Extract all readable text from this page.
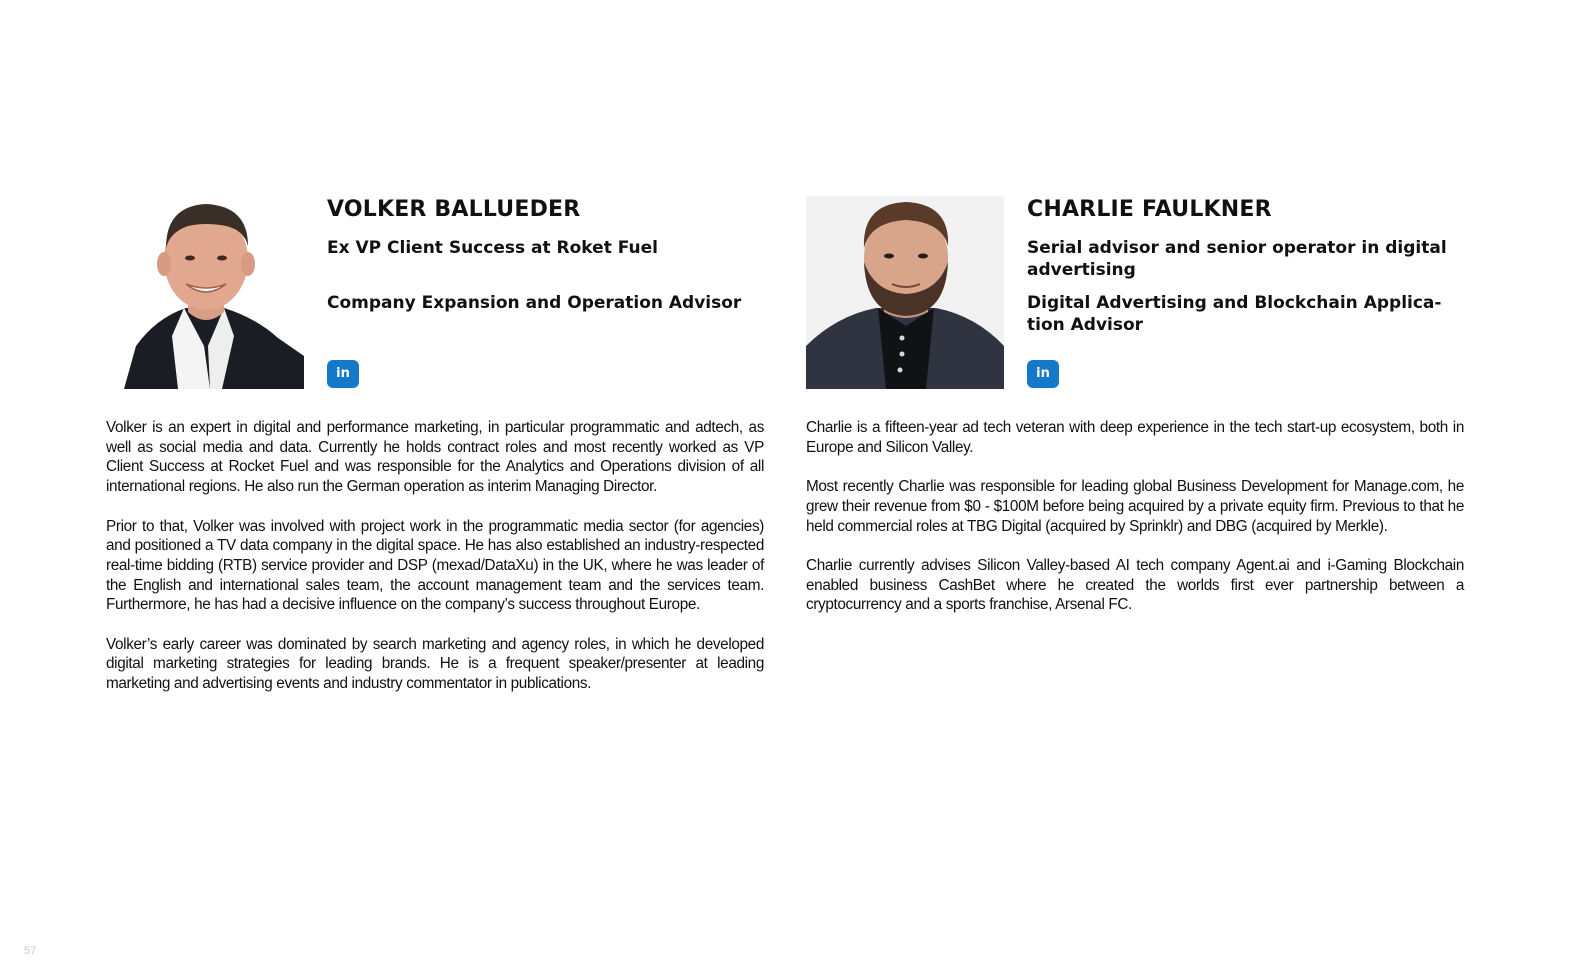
VOLKER BALLUEDER

Ex VP Client Success at Roket Fuel

Company Expansion and Operation Advisor

in

Volker is an expert in digital and performance marketing, in particular programmatic and adtech, as well as social media and data. Currently he holds contract roles and most recently worked as VP Client Success at Rocket Fuel and was responsible for the Analytics and Operations division of all international regions. He also run the German operation as interim Managing Director.

Prior to that, Volker was involved with project work in the programmatic media sector (for agencies) and positioned a TV data company in the digital space. He has also established an industry-respected real-time bidding (RTB) service provider and DSP (mexad/DataXu) in the UK, where he was leader of the English and international sales team, the account management team and the services team. Furthermore, he has had a decisive influence on the company’s success throughout Europe.

Volker’s early career was dominated by search marketing and agency roles, in which he developed digital marketing strategies for leading brands. He is a frequent speaker/presenter at leading marketing and advertising events and industry commentator in publications.

CHARLIE FAULKNER

Serial advisor and senior operator in digital advertising

Digital Advertising and Blockchain Applica-tion Advisor

in

Charlie is a fifteen-year ad tech veteran with deep experience in the tech start-up ecosystem, both in Europe and Silicon Valley.

Most recently Charlie was responsible for leading global Business Development for Manage.com, he grew their revenue from $0 - $100M before being acquired by a private equity firm. Previous to that he held commercial roles at TBG Digital (acquired by Sprinklr) and DBG (acquired by Merkle).

Charlie currently advises Silicon Valley-based AI tech company Agent.ai and i-Gaming Blockchain enabled business CashBet where he created the worlds first ever partnership between a cryptocurrency and a sports franchise, Arsenal FC.

57
